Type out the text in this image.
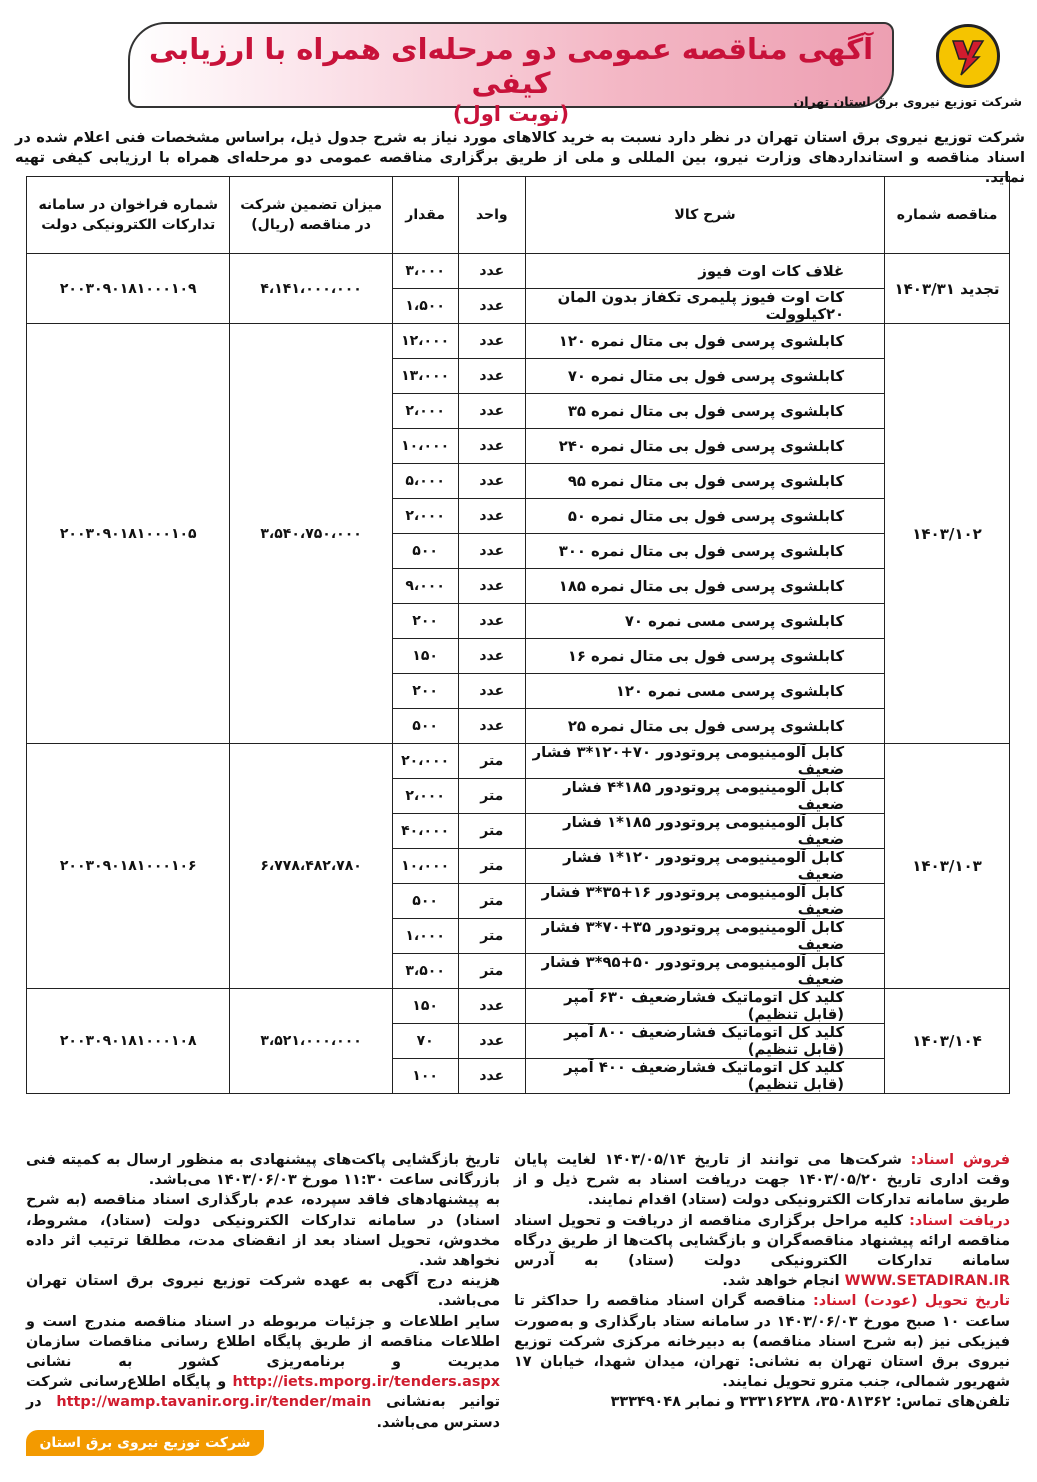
آگهی مناقصه عمومی دو مرحله‌ای همراه با ارزیابی کیفی
(نوبت اول)
شرکت توزیع نیروی برق استان تهران
شرکت توزیع نیروی برق استان تهران در نظر دارد نسبت به خرید کالاهای مورد نیاز به شرح جدول ذیل، براساس مشخصات فنی اعلام شده در اسناد مناقصه و استانداردهای وزارت نیرو، بین المللی و ملی از طریق برگزاری مناقصه عمومی دو مرحله‌ای همراه با ارزیابی کیفی تهیه نماید.
مناقصه شماره	شرح کالا	واحد	مقدار	میزان تضمین شرکت در مناقصه (ریال)	شماره فراخوان در سامانه تدارکات الکترونیکی دولت
تجدید ۱۴۰۳/۳۱	غلاف کات اوت فیوز	عدد	۳،۰۰۰	۴،۱۴۱،۰۰۰،۰۰۰	۲۰۰۳۰۹۰۱۸۱۰۰۰۱۰۹
	کات اوت فیوز پلیمری تکفاز بدون المان ۲۰کیلوولت	عدد	۱،۵۰۰		
۱۴۰۳/۱۰۲	کابلشوی پرسی فول بی متال نمره ۱۲۰	عدد	۱۲،۰۰۰	۳،۵۴۰،۷۵۰،۰۰۰	۲۰۰۳۰۹۰۱۸۱۰۰۰۱۰۵
	کابلشوی پرسی فول بی متال نمره ۷۰	عدد	۱۳،۰۰۰		
	کابلشوی پرسی فول بی متال نمره ۳۵	عدد	۲،۰۰۰		
	کابلشوی پرسی فول بی متال نمره ۲۴۰	عدد	۱۰،۰۰۰		
	کابلشوی پرسی فول بی متال نمره ۹۵	عدد	۵،۰۰۰		
	کابلشوی پرسی فول بی متال نمره ۵۰	عدد	۲،۰۰۰		
	کابلشوی پرسی فول بی متال نمره ۳۰۰	عدد	۵۰۰		
	کابلشوی پرسی فول بی متال نمره ۱۸۵	عدد	۹،۰۰۰		
	کابلشوی پرسی مسی نمره ۷۰	عدد	۲۰۰		
	کابلشوی پرسی فول بی متال نمره ۱۶	عدد	۱۵۰		
	کابلشوی پرسی مسی نمره ۱۲۰	عدد	۲۰۰		
	کابلشوی پرسی فول بی متال نمره ۲۵	عدد	۵۰۰		
۱۴۰۳/۱۰۳	کابل آلومینیومی پروتودور ۷۰+۱۲۰*۳ فشار ضعیف	متر	۲۰،۰۰۰	۶،۷۷۸،۴۸۲،۷۸۰	۲۰۰۳۰۹۰۱۸۱۰۰۰۱۰۶
	کابل آلومینیومی پروتودور ۱۸۵*۴ فشار ضعیف	متر	۲،۰۰۰		
	کابل آلومینیومی پروتودور ۱۸۵*۱ فشار ضعیف	متر	۴۰،۰۰۰		
	کابل آلومینیومی پروتودور ۱۲۰*۱ فشار ضعیف	متر	۱۰،۰۰۰		
	کابل آلومینیومی پروتودور ۱۶+۳۵*۳ فشار ضعیف	متر	۵۰۰		
	کابل آلومینیومی پروتودور ۳۵+۷۰*۳ فشار ضعیف	متر	۱،۰۰۰		
	کابل آلومینیومی پروتودور ۵۰+۹۵*۳ فشار ضعیف	متر	۳،۵۰۰		
۱۴۰۳/۱۰۴	کلید کل اتوماتیک فشارضعیف ۶۳۰ آمپر (قابل تنظیم)	عدد	۱۵۰	۳،۵۲۱،۰۰۰،۰۰۰	۲۰۰۳۰۹۰۱۸۱۰۰۰۱۰۸
	کلید کل اتوماتیک فشارضعیف ۸۰۰ آمپر (قابل تنظیم)	عدد	۷۰		
	کلید کل اتوماتیک فشارضعیف ۴۰۰ آمپر (قابل تنظیم)	عدد	۱۰۰		
فروش اسناد: شرکت‌ها می توانند از تاریخ ۱۴۰۳/۰۵/۱۴ لغایت پایان وقت اداری تاریخ ۱۴۰۳/۰۵/۲۰ جهت دریافت اسناد به شرح ذیل و از طریق سامانه تدارکات الکترونیکی دولت (ستاد) اقدام نمایند.
دریافت اسناد: کلیه مراحل برگزاری مناقصه از دریافت و تحویل اسناد مناقصه ارائه پیشنهاد مناقصه‌گران و بازگشایی پاکت‌ها از طریق درگاه سامانه تدارکات الکترونیکی دولت (ستاد) به آدرس WWW.SETADIRAN.IR انجام خواهد شد.
تاریخ تحویل (عودت) اسناد: مناقصه گران اسناد مناقصه را حداکثر تا ساعت ۱۰ صبح مورخ ۱۴۰۳/۰۶/۰۳ در سامانه ستاد بارگذاری و به‌صورت فیزیکی نیز (به شرح اسناد مناقصه) به دبیرخانه مرکزی شرکت توزیع نیروی برق استان تهران به نشانی: تهران، میدان شهدا، خیابان ۱۷ شهریور شمالی، جنب مترو تحویل نمایند.
تلفن‌های تماس: ۳۵۰۸۱۳۶۲، ۳۳۳۱۶۲۳۸ و نمابر ۳۳۳۴۹۰۴۸
تاریخ بازگشایی پاکت‌های پیشنهادی به منظور ارسال به کمیته فنی بازرگانی ساعت ۱۱:۳۰ مورخ ۱۴۰۳/۰۶/۰۳ می‌باشد.
به پیشنهادهای فاقد سپرده، عدم بارگذاری اسناد مناقصه (به شرح اسناد) در سامانه تدارکات الکترونیکی دولت (ستاد)، مشروط، مخدوش، تحویل اسناد بعد از انقضای مدت، مطلقا ترتیب اثر داده نخواهد شد.
هزینه درج آگهی به عهده شرکت توزیع نیروی برق استان تهران می‌باشد.
سایر اطلاعات و جزئیات مربوطه در اسناد مناقصه مندرج است و اطلاعات مناقصه از طریق پایگاه اطلاع رسانی مناقصات سازمان مدیریت و برنامه‌ریزی کشور به نشانی http://iets.mporg.ir/tenders.aspx و پایگاه اطلاع‌رسانی شرکت توانیر به‌نشانی http://wamp.tavanir.org.ir/tender/main در دسترس می‌باشد.
شرکت توزیع نیروی برق استان تهران
